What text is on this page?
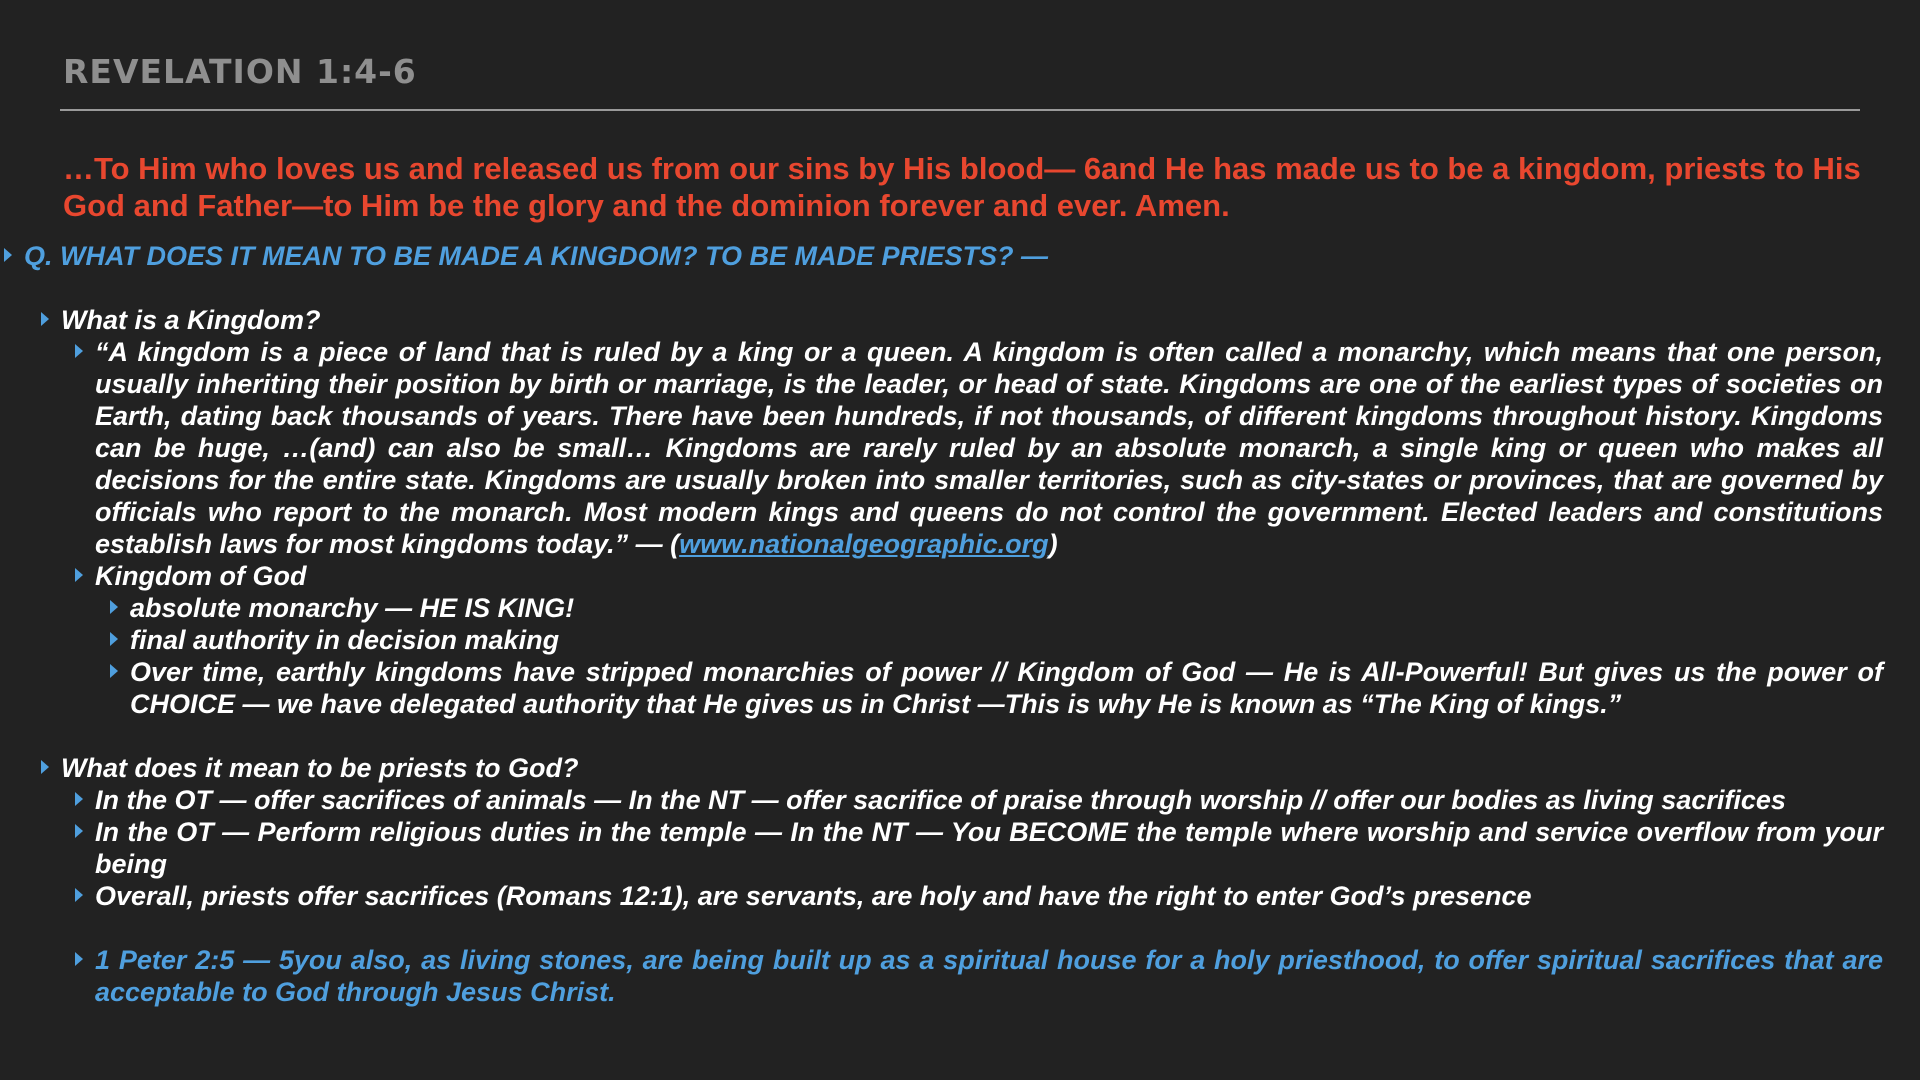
REVELATION 1:4-6
…To Him who loves us and released us from our sins by His blood— 6and He has made us to be a kingdom, priests to His God and Father—to Him be the glory and the dominion forever and ever. Amen.
Q. WHAT DOES IT MEAN TO BE MADE A KINGDOM? TO BE MADE PRIESTS? —
What is a Kingdom?
“A kingdom is a piece of land that is ruled by a king or a queen. A kingdom is often called a monarchy, which means that one person, usually inheriting their position by birth or marriage, is the leader, or head of state. Kingdoms are one of the earliest types of societies on Earth, dating back thousands of years. There have been hundreds, if not thousands, of different kingdoms throughout history. Kingdoms can be huge, …(and) can also be small… Kingdoms are rarely ruled by an absolute monarch, a single king or queen who makes all decisions for the entire state. Kingdoms are usually broken into smaller territories, such as city-states or provinces, that are governed by officials who report to the monarch. Most modern kings and queens do not control the government. Elected leaders and constitutions establish laws for most kingdoms today.” — (www.nationalgeographic.org)
Kingdom of God
absolute monarchy — HE IS KING!
final authority in decision making
Over time, earthly kingdoms have stripped monarchies of power // Kingdom of God — He is All-Powerful! But gives us the power of CHOICE — we have delegated authority that He gives us in Christ —This is why He is known as “The King of kings.”
What does it mean to be priests to God?
In the OT — offer sacrifices of animals — In the NT — offer sacrifice of praise through worship // offer our bodies as living sacrifices
In the OT — Perform religious duties in the temple — In the NT — You BECOME the temple where worship and service overflow from your being
Overall, priests offer sacrifices (Romans 12:1), are servants, are holy and have the right to enter God’s presence
1 Peter 2:5 — 5you also, as living stones, are being built up as a spiritual house for a holy priesthood, to offer spiritual sacrifices that are acceptable to God through Jesus Christ.
